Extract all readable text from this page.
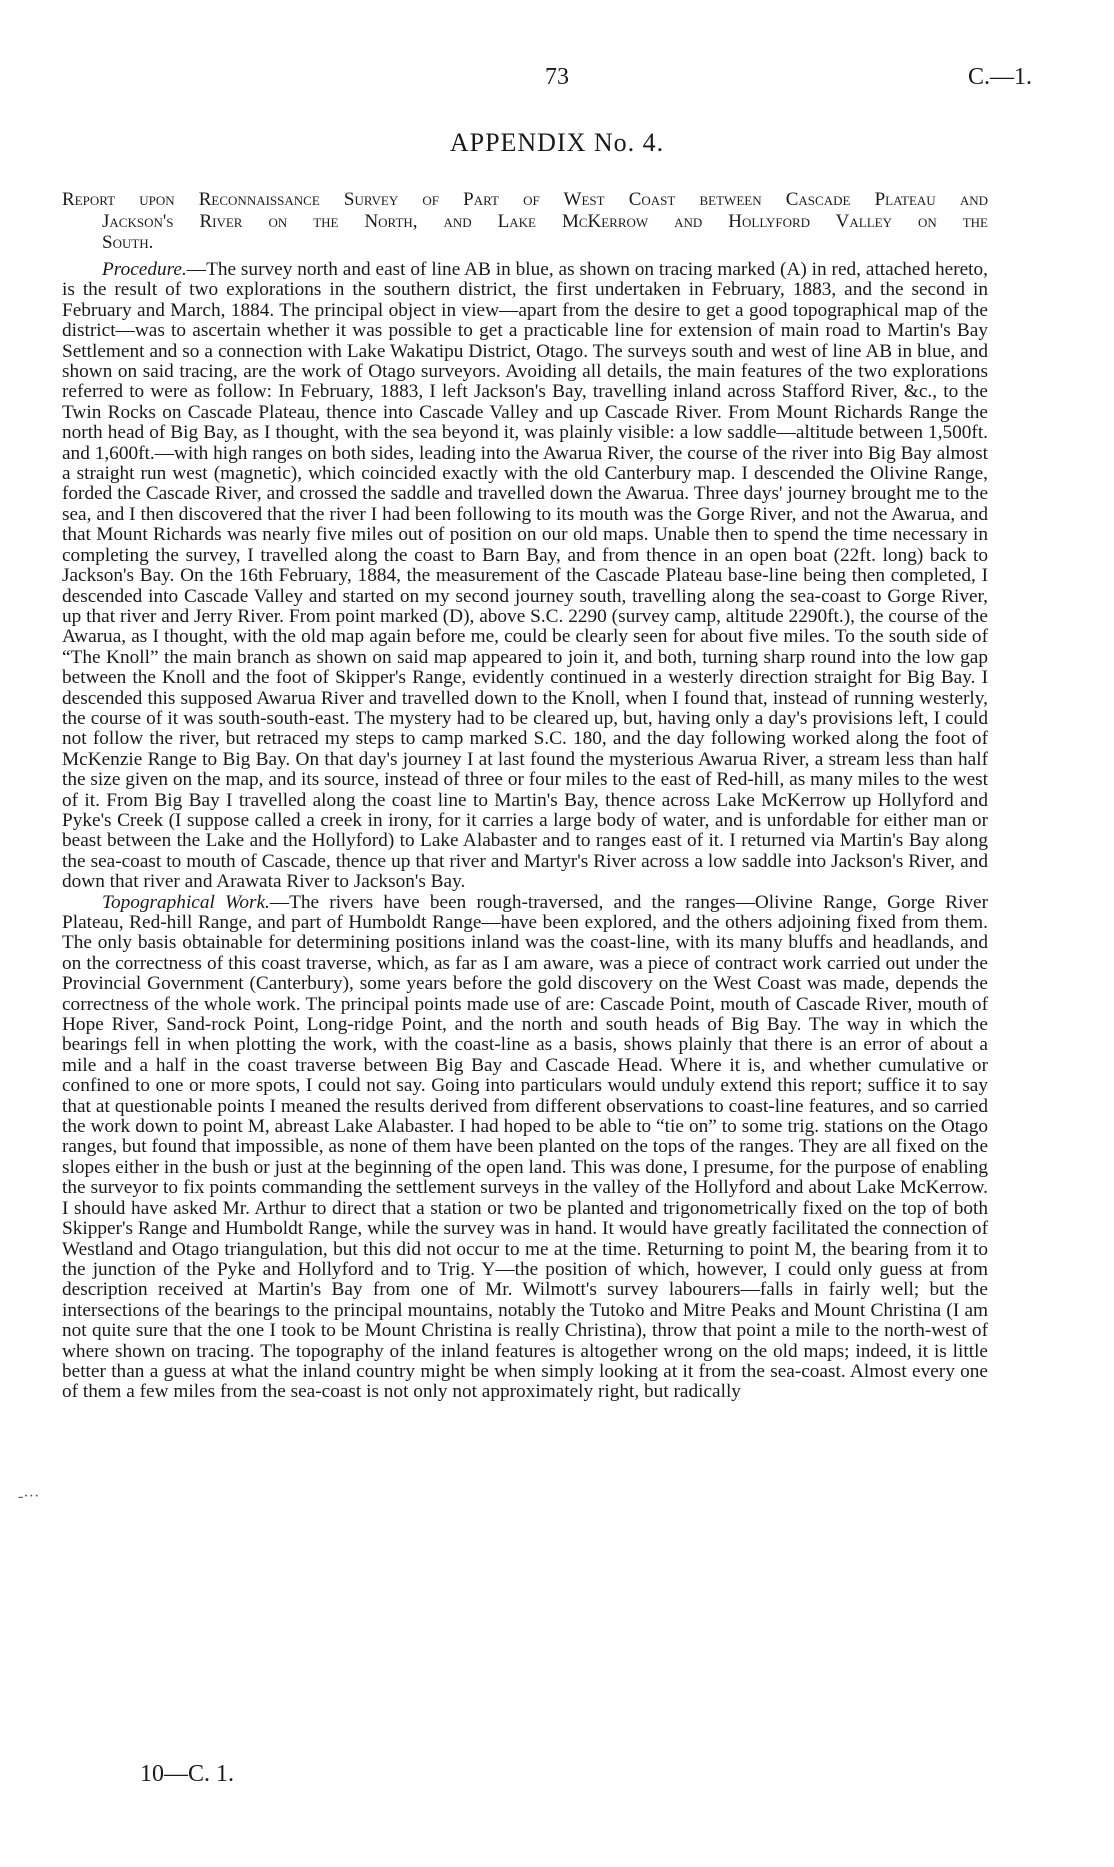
73	C.—1.
APPENDIX No. 4.
Report upon Reconnaissance Survey of Part of West Coast between Cascade Plateau and
Jackson's River on the North, and Lake McKerrow and Hollyford Valley on the
South.

Procedure.—The survey north and east of line AB in blue, as shown on tracing marked (A) in red, attached hereto, is the result of two explorations in the southern district, the first undertaken in February, 1883, and the second in February and March, 1884. The principal object in view—apart from the desire to get a good topographical map of the district—was to ascertain whether it was possible to get a practicable line for extension of main road to Martin's Bay Settlement and so a connection with Lake Wakatipu District, Otago. The surveys south and west of line AB in blue, and shown on said tracing, are the work of Otago surveyors. Avoiding all details, the main features of the two explorations referred to were as follow: In February, 1883, I left Jackson's Bay, travelling inland across Stafford River, &c., to the Twin Rocks on Cascade Plateau, thence into Cascade Valley and up Cascade River. From Mount Richards Range the north head of Big Bay, as I thought, with the sea beyond it, was plainly visible: a low saddle—altitude between 1,500ft. and 1,600ft.—with high ranges on both sides, leading into the Awarua River, the course of the river into Big Bay almost a straight run west (magnetic), which coincided exactly with the old Canterbury map. I descended the Olivine Range, forded the Cascade River, and crossed the saddle and travelled down the Awarua. Three days' journey brought me to the sea, and I then discovered that the river I had been following to its mouth was the Gorge River, and not the Awarua, and that Mount Richards was nearly five miles out of position on our old maps. Unable then to spend the time necessary in completing the survey, I travelled along the coast to Barn Bay, and from thence in an open boat (22ft. long) back to Jackson's Bay. On the 16th February, 1884, the measurement of the Cascade Plateau base-line being then completed, I descended into Cascade Valley and started on my second journey south, travelling along the sea-coast to Gorge River, up that river and Jerry River. From point marked (D), above S.C. 2290 (survey camp, altitude 2290ft.), the course of the Awarua, as I thought, with the old map again before me, could be clearly seen for about five miles. To the south side of “The Knoll” the main branch as shown on said map appeared to join it, and both, turning sharp round into the low gap between the Knoll and the foot of Skipper's Range, evidently continued in a westerly direction straight for Big Bay. I descended this supposed Awarua River and travelled down to the Knoll, when I found that, instead of running westerly, the course of it was south-south-east. The mystery had to be cleared up, but, having only a day's provisions left, I could not follow the river, but retraced my steps to camp marked S.C. 180, and the day following worked along the foot of McKenzie Range to Big Bay. On that day's journey I at last found the mysterious Awarua River, a stream less than half the size given on the map, and its source, instead of three or four miles to the east of Red-hill, as many miles to the west of it. From Big Bay I travelled along the coast line to Martin's Bay, thence across Lake McKerrow up Hollyford and Pyke's Creek (I suppose called a creek in irony, for it carries a large body of water, and is unfordable for either man or beast between the Lake and the Hollyford) to Lake Alabaster and to ranges east of it. I returned via Martin's Bay along the sea-coast to mouth of Cascade, thence up that river and Martyr's River across a low saddle into Jackson's River, and down that river and Arawata River to Jackson's Bay.

Topographical Work.—The rivers have been rough-traversed, and the ranges—Olivine Range, Gorge River Plateau, Red-hill Range, and part of Humboldt Range—have been explored, and the others adjoining fixed from them. The only basis obtainable for determining positions inland was the coast-line, with its many bluffs and headlands, and on the correctness of this coast traverse, which, as far as I am aware, was a piece of contract work carried out under the Provincial Government (Canterbury), some years before the gold discovery on the West Coast was made, depends the correctness of the whole work. The principal points made use of are: Cascade Point, mouth of Cascade River, mouth of Hope River, Sand-rock Point, Long-ridge Point, and the north and south heads of Big Bay. The way in which the bearings fell in when plotting the work, with the coast-line as a basis, shows plainly that there is an error of about a mile and a half in the coast traverse between Big Bay and Cascade Head. Where it is, and whether cumulative or confined to one or more spots, I could not say. Going into particulars would unduly extend this report; suffice it to say that at questionable points I meaned the results derived from different observations to coast-line features, and so carried the work down to point M, abreast Lake Alabaster. I had hoped to be able to “tie on” to some trig. stations on the Otago ranges, but found that impossible, as none of them have been planted on the tops of the ranges. They are all fixed on the slopes either in the bush or just at the beginning of the open land. This was done, I presume, for the purpose of enabling the surveyor to fix points commanding the settlement surveys in the valley of the Hollyford and about Lake McKerrow. I should have asked Mr. Arthur to direct that a station or two be planted and trigonometrically fixed on the top of both Skipper's Range and Humboldt Range, while the survey was in hand. It would have greatly facilitated the connection of Westland and Otago triangulation, but this did not occur to me at the time. Returning to point M, the bearing from it to the junction of the Pyke and Hollyford and to Trig. Y—the position of which, however, I could only guess at from description received at Martin's Bay from one of Mr. Wilmott's survey labourers—falls in fairly well; but the intersections of the bearings to the principal mountains, notably the Tutoko and Mitre Peaks and Mount Christina (I am not quite sure that the one I took to be Mount Christina is really Christina), throw that point a mile to the north-west of where shown on tracing. The topography of the inland features is altogether wrong on the old maps; indeed, it is little better than a guess at what the inland country might be when simply looking at it from the sea-coast. Almost every one of them a few miles from the sea-coast is not only not approximately right, but radically

-···
10—C. 1.
